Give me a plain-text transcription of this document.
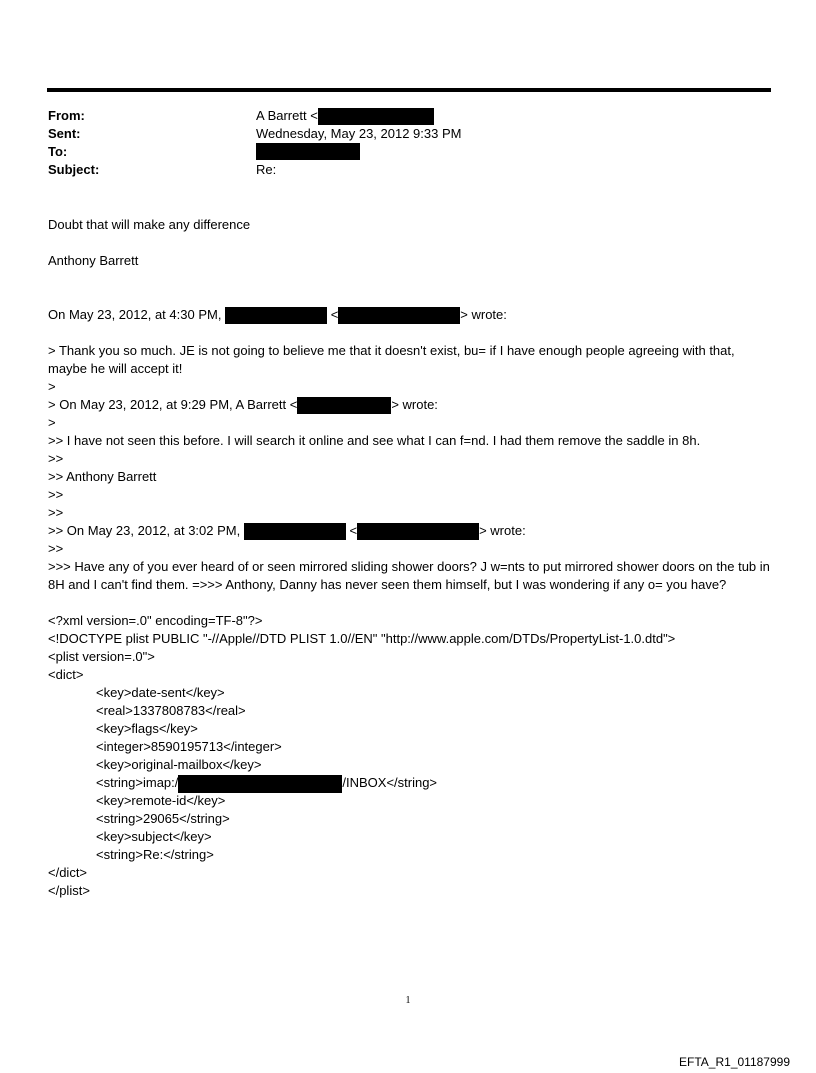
From:	A Barrett <
Sent:	Wednesday, May 23, 2012 9:33 PM
To:
Subject:	Re:
Doubt that will make any difference
Anthony Barrett
On May 23, 2012, at 4:30 PM,	<	> wrote:
> Thank you so much. JE is not going to believe me that it doesn't exist, bu= if I have enough people agreeing with that, maybe he will accept it!
>
> On May 23, 2012, at 9:29 PM, A Barrett <	> wrote:
>
>> I have not seen this before. I will search it online and see what I can f=nd. I had them remove the saddle in 8h.
>>
>> Anthony Barrett
>>
>>
>> On May 23, 2012, at 3:02 PM,	<	> wrote:
>>
>>> Have any of you ever heard of or seen mirrored sliding shower doors? J w=nts to put mirrored shower doors on the tub in 8H and I can't find them. =>>> Anthony, Danny has never seen them himself, but I was wondering if any o= you have?
<?xml version=.0" encoding=TF-8"?>
<!DOCTYPE plist PUBLIC "-//Apple//DTD PLIST 1.0//EN" "http://www.apple.com/DTDs/PropertyList-1.0.dtd">
<plist version=.0">
<dict>
<key>date-sent</key>
<real>1337808783</real>
<key>flags</key>
<integer>8590195713</integer>
<key>original-mailbox</key>
<string>imap:/	/INBOX</string>
<key>remote-id</key>
<string>29065</string>
<key>subject</key>
<string>Re:</string>
</dict>
</plist>
1
EFTA_R1_01187999
